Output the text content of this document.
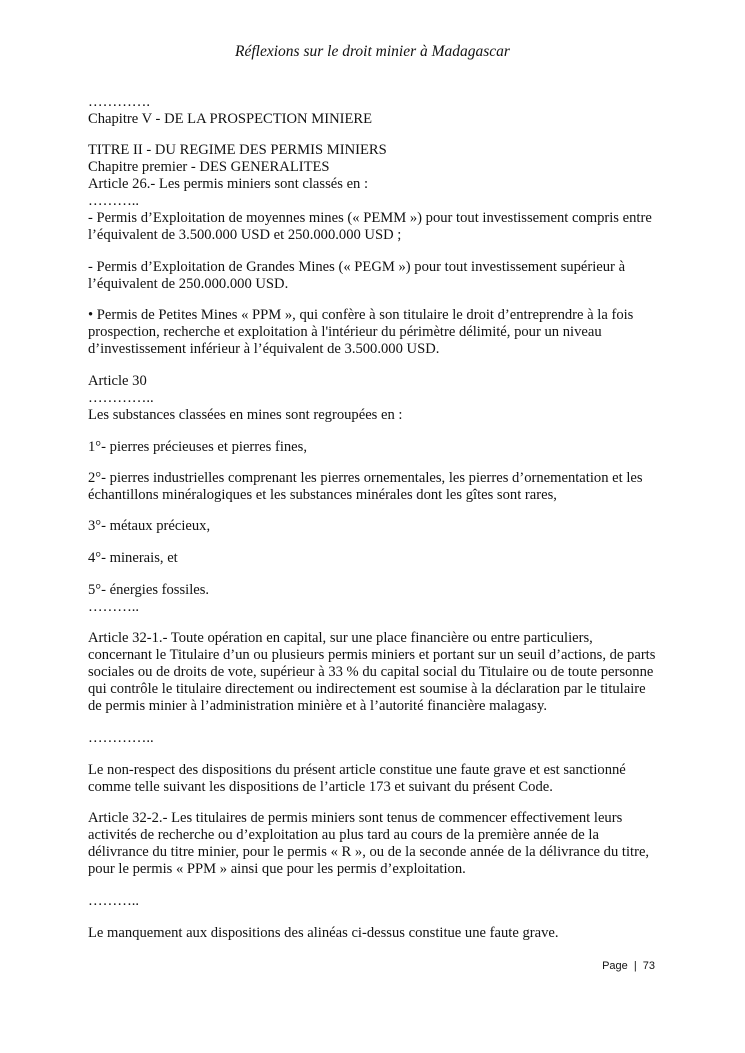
Réflexions sur le droit minier à Madagascar

………….

Chapitre V - DE LA PROSPECTION MINIERE

TITRE II - DU REGIME DES PERMIS MINIERS

Chapitre premier - DES GENERALITES

Article 26.- Les permis miniers sont classés en :

………..

- Permis d’Exploitation de moyennes mines (« PEMM ») pour tout investissement compris entre l’équivalent de 3.500.000 USD et 250.000.000 USD ;

- Permis d’Exploitation de Grandes Mines (« PEGM ») pour tout investissement supérieur à l’équivalent de 250.000.000 USD.

• Permis de Petites Mines « PPM », qui confère à son titulaire le droit d’entreprendre à la fois prospection, recherche et exploitation à l'intérieur du périmètre délimité, pour un niveau d’investissement inférieur à l’équivalent de 3.500.000 USD.

Article 30

…………..

Les substances classées en mines sont regroupées en :

1°- pierres précieuses et pierres fines,

2°- pierres industrielles comprenant les pierres ornementales, les pierres d’ornementation et les échantillons minéralogiques et les substances minérales dont les gîtes sont rares,

3°- métaux précieux,

4°- minerais, et

5°- énergies fossiles.

………..

Article 32-1.- Toute opération en capital, sur une place financière ou entre particuliers, concernant le Titulaire d’un ou plusieurs permis miniers et portant sur un seuil d’actions, de parts sociales ou de droits de vote, supérieur à 33 % du capital social du Titulaire ou de toute personne qui contrôle le titulaire directement ou indirectement est soumise à la déclaration par le titulaire de permis minier à l’administration minière et à l’autorité financière malagasy.

…………..

Le non-respect des dispositions du présent article constitue une faute grave et est sanctionné comme telle suivant les dispositions de l’article 173 et suivant du présent Code.

Article 32-2.- Les titulaires de permis miniers sont tenus de commencer effectivement leurs activités de recherche ou d’exploitation au plus tard au cours de la première année de la délivrance du titre minier, pour le permis « R », ou de la seconde année de la délivrance du titre, pour le permis « PPM » ainsi que pour les permis d’exploitation.

………..

Le manquement aux dispositions des alinéas ci-dessus constitue une faute grave.

Page | 73
